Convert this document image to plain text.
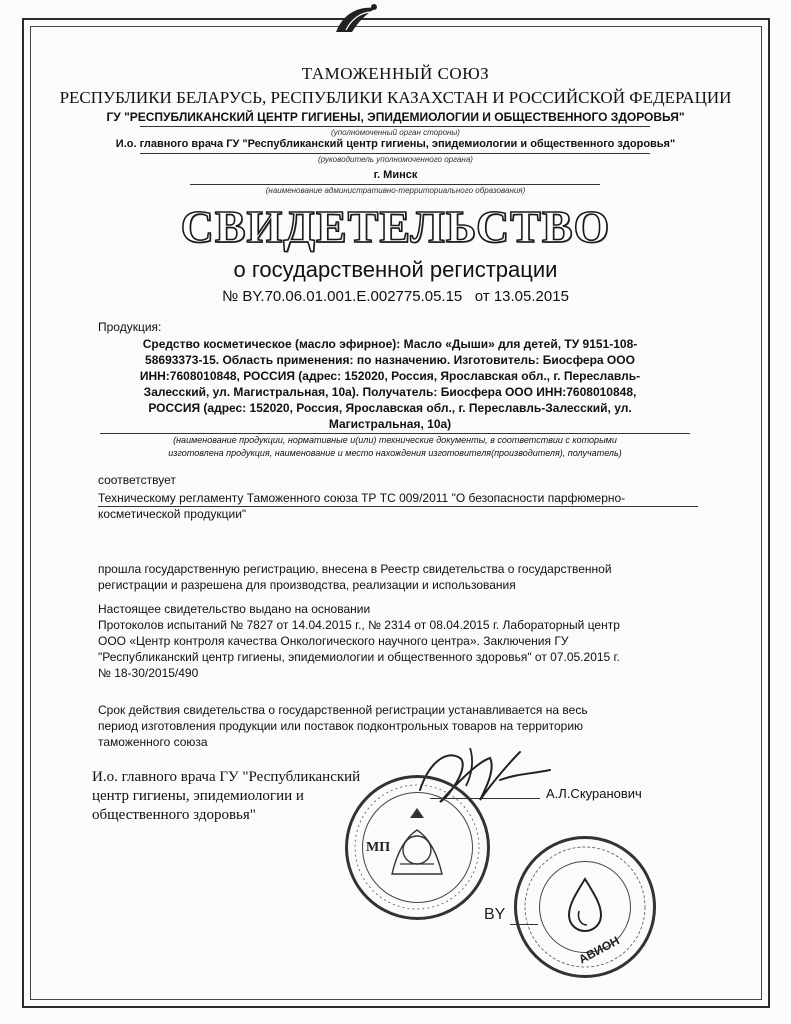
ТАМОЖЕННЫЙ СОЮЗ
РЕСПУБЛИКИ БЕЛАРУСЬ, РЕСПУБЛИКИ КАЗАХСТАН И РОССИЙСКОЙ ФЕДЕРАЦИИ
ГУ "РЕСПУБЛИКАНСКИЙ ЦЕНТР ГИГИЕНЫ, ЭПИДЕМИОЛОГИИ И ОБЩЕСТВЕННОГО ЗДОРОВЬЯ"
(уполномоченный орган стороны)
И.о. главного врача ГУ "Республиканский центр гигиены, эпидемиологии и общественного здоровья"
(руководитель уполномоченного органа)
г. Минск
(наименование административно-территориального образования)
СВИДЕТЕЛЬСТВО
о государственной регистрации
№ BY.70.06.01.001.E.002775.05.15 от 13.05.2015
Продукция:
Средство косметическое (масло эфирное): Масло «Дыши» для детей, ТУ 9151-108-
58693373-15. Область применения: по назначению. Изготовитель: Биосфера ООО
ИНН:7608010848, РОССИЯ (адрес: 152020, Россия, Ярославская обл., г. Переславль-
Залесский, ул. Магистральная, 10а). Получатель: Биосфера ООО ИНН:7608010848,
РОССИЯ (адрес: 152020, Россия, Ярославская обл., г. Переславль-Залесский, ул.
Магистральная, 10а)
(наименование продукции, нормативные и(или) технические документы, в соответствии с которыми
изготовлена продукция, наименование и место нахождения изготовителя(производителя), получатель)
соответствует
Техническому регламенту Таможенного союза ТР ТС 009/2011 "О безопасности парфюмерно-
косметической продукции"
прошла государственную регистрацию, внесена в Реестр свидетельства о государственной
регистрации и разрешена для производства, реализации и использования
Настоящее свидетельство выдано на основании
Протоколов испытаний № 7827 от 14.04.2015 г., № 2314 от 08.04.2015 г. Лабораторный центр
ООО «Центр контроля качества Онкологического научного центра». Заключения ГУ
"Республиканский центр гигиены, эпидемиологии и общественного здоровья" от 07.05.2015 г.
№ 18-30/2015/490
Срок действия свидетельства о государственной регистрации устанавливается на весь
период изготовления продукции или поставок подконтрольных товаров на территорию
таможенного союза
И.о. главного врача ГУ "Республиканский
центр гигиены, эпидемиологии и
общественного здоровья"
А.Л.Скуранович
МП
АВИОН
BY
